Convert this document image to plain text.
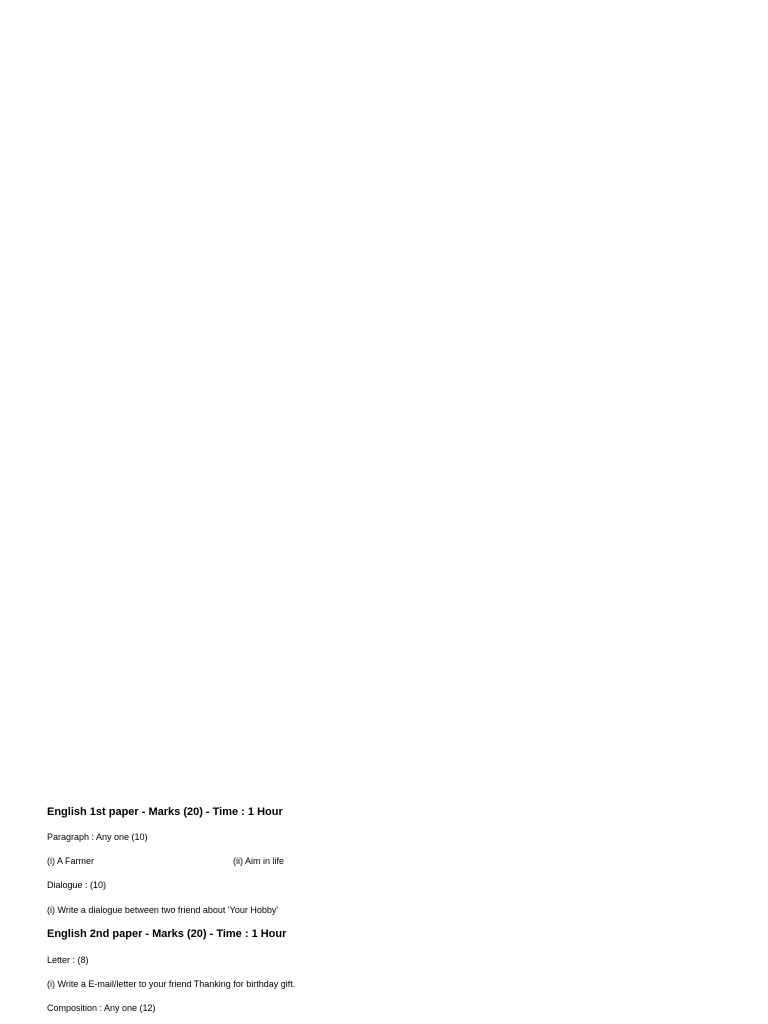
English 1st paper - Marks (20) - Time : 1 Hour
Paragraph : Any one (10)
(i) A Farmer	(ii) Aim in life
Dialogue : (10)
(i) Write a dialogue between two friend about 'Your Hobby'
English 2nd paper - Marks (20) - Time : 1 Hour
Letter : (8)
(i) Write a E-mail/letter to your friend Thanking for birthday gift.
Composition : Any one (12)
